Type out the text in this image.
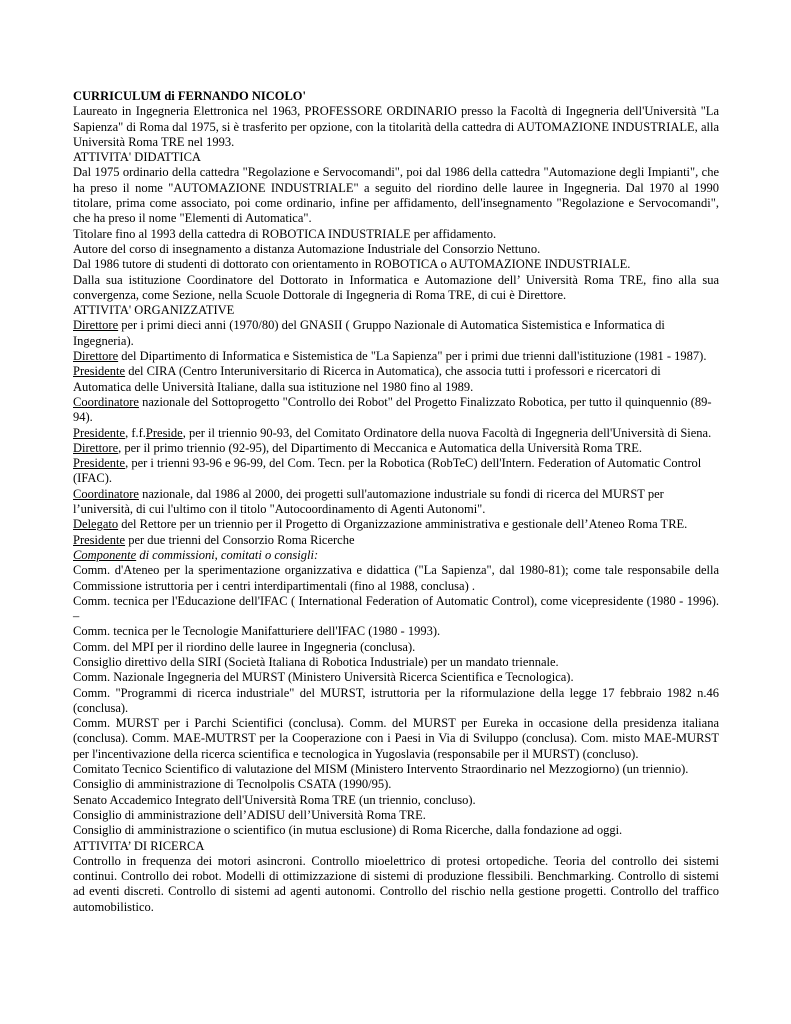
CURRICULUM di FERNANDO NICOLO'

Laureato in Ingegneria Elettronica nel 1963, PROFESSORE ORDINARIO presso la Facoltà di Ingegneria dell'Università "La Sapienza" di Roma dal 1975, si è trasferito per opzione, con la titolarità della cattedra di AUTOMAZIONE INDUSTRIALE, alla Università Roma TRE nel 1993.

ATTIVITA' DIDATTICA

Dal 1975 ordinario della cattedra "Regolazione e Servocomandi", poi dal 1986 della cattedra "Automazione degli Impianti", che ha preso il nome "AUTOMAZIONE INDUSTRIALE" a seguito del riordino delle lauree in Ingegneria. Dal 1970 al 1990 titolare, prima come associato, poi come ordinario, infine per affidamento, dell'insegnamento "Regolazione e Servocomandi", che ha preso il nome "Elementi di Automatica".

Titolare fino al 1993 della cattedra di ROBOTICA INDUSTRIALE per affidamento.

Autore del corso di insegnamento a distanza Automazione Industriale del Consorzio Nettuno.

Dal 1986 tutore di studenti di dottorato con orientamento in ROBOTICA o AUTOMAZIONE INDUSTRIALE.

Dalla sua istituzione Coordinatore del Dottorato in Informatica e Automazione dell’ Università Roma TRE, fino alla sua convergenza, come Sezione, nella Scuole Dottorale di Ingegneria di Roma TRE, di cui è Direttore.

ATTIVITA' ORGANIZZATIVE

Direttore per i primi dieci anni (1970/80) del GNASII ( Gruppo Nazionale di Automatica Sistemistica e Informatica di Ingegneria).

Direttore del Dipartimento di Informatica e Sistemistica de "La Sapienza" per i primi due trienni dall'istituzione (1981 - 1987).

Presidente del CIRA (Centro Interuniversitario di Ricerca in Automatica), che associa tutti i professori e ricercatori di Automatica delle Università Italiane, dalla sua istituzione nel 1980 fino al 1989.

Coordinatore nazionale del Sottoprogetto "Controllo dei Robot" del Progetto Finalizzato Robotica, per tutto il quinquennio (89-94).

Presidente, f.f.Preside, per il triennio 90-93, del Comitato Ordinatore della nuova Facoltà di Ingegneria dell'Università di Siena.

Direttore, per il primo triennio (92-95), del Dipartimento di Meccanica e Automatica della Università Roma TRE.

Presidente, per i trienni 93-96 e 96-99, del Com. Tecn. per la Robotica (RobTeC) dell'Intern. Federation of Automatic Control (IFAC).

Coordinatore nazionale, dal 1986 al 2000, dei progetti sull'automazione industriale su fondi di ricerca del MURST per l’università, di cui l'ultimo con il titolo "Autocoordinamento di Agenti Autonomi".

Delegato del Rettore per un triennio per il Progetto di Organizzazione amministrativa e gestionale dell’Ateneo Roma TRE.

Presidente per due trienni del Consorzio Roma Ricerche

Componente di commissioni, comitati o consigli:

Comm. d'Ateneo per la sperimentazione organizzativa e didattica ("La Sapienza", dal 1980-81); come tale responsabile della Commissione istruttoria per i centri interdipartimentali (fino al 1988, conclusa) .

Comm. tecnica per l'Educazione dell'IFAC ( International Federation of Automatic Control), come vicepresidente (1980 - 1996). –

Comm. tecnica per le Tecnologie Manifatturiere dell'IFAC (1980 - 1993).

Comm. del MPI per il riordino delle lauree in Ingegneria (conclusa).

Consiglio direttivo della SIRI (Società Italiana di Robotica Industriale) per un mandato triennale.

Comm. Nazionale Ingegneria del MURST (Ministero Università Ricerca Scientifica e Tecnologica).

Comm. "Programmi di ricerca industriale" del MURST, istruttoria per la riformulazione della legge 17 febbraio 1982 n.46 (conclusa).

Comm. MURST per i Parchi Scientifici (conclusa). Comm. del MURST per Eureka in occasione della presidenza italiana (conclusa). Comm. MAE-MUTRST per la Cooperazione con i Paesi in Via di Sviluppo (conclusa). Com. misto MAE-MURST per l'incentivazione della ricerca scientifica e tecnologica in Yugoslavia (responsabile per il MURST) (concluso).

Comitato Tecnico Scientifico di valutazione del MISM (Ministero Intervento Straordinario nel Mezzogiorno) (un triennio).

Consiglio di amministrazione di Tecnolpolis CSATA (1990/95).

Senato Accademico Integrato dell'Università Roma TRE (un triennio, concluso).

Consiglio di amministrazione dell’ADISU dell’Università Roma TRE.

Consiglio di amministrazione o scientifico (in mutua esclusione) di Roma Ricerche, dalla fondazione ad oggi.

ATTIVITA’ DI RICERCA

Controllo in frequenza dei motori asincroni. Controllo mioelettrico di protesi ortopediche. Teoria del controllo dei sistemi continui. Controllo dei robot. Modelli di ottimizzazione di sistemi di produzione flessibili. Benchmarking. Controllo di sistemi ad eventi discreti. Controllo di sistemi ad agenti autonomi. Controllo del rischio nella gestione progetti. Controllo del traffico automobilistico.
